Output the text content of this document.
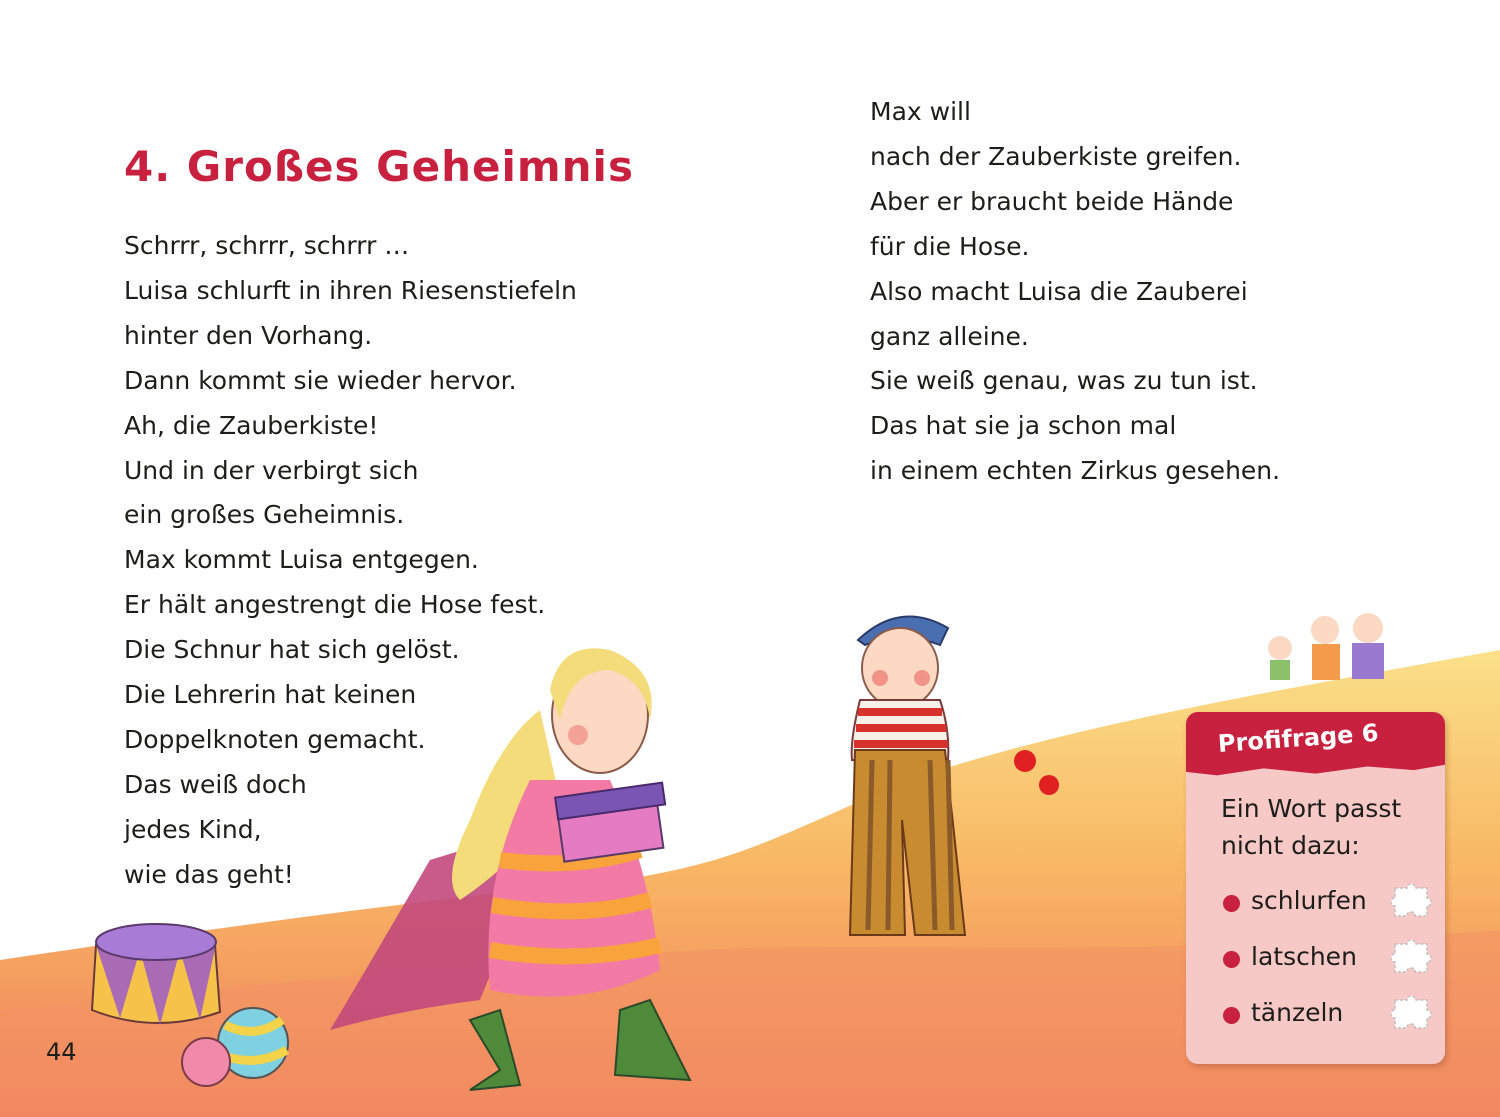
4. Großes Geheimnis
Schrrr, schrrr, schrrr …
Luisa schlurft in ihren Riesenstiefeln
hinter den Vorhang.
Dann kommt sie wieder hervor.
Ah, die Zauberkiste!
Und in der verbirgt sich
ein großes Geheimnis.
Max kommt Luisa entgegen.
Er hält angestrengt die Hose fest.
Die Schnur hat sich gelöst.
Die Lehrerin hat keinen
Doppelknoten gemacht.
Das weiß doch
jedes Kind,
wie das geht!
Max will
nach der Zauberkiste greifen.
Aber er braucht beide Hände
für die Hose.
Also macht Luisa die Zauberei
ganz alleine.
Sie weiß genau, was zu tun ist.
Das hat sie ja schon mal
in einem echten Zirkus gesehen.
44
Profifrage 6
Ein Wort passt
nicht dazu:
schlurfen
latschen
tänzeln
